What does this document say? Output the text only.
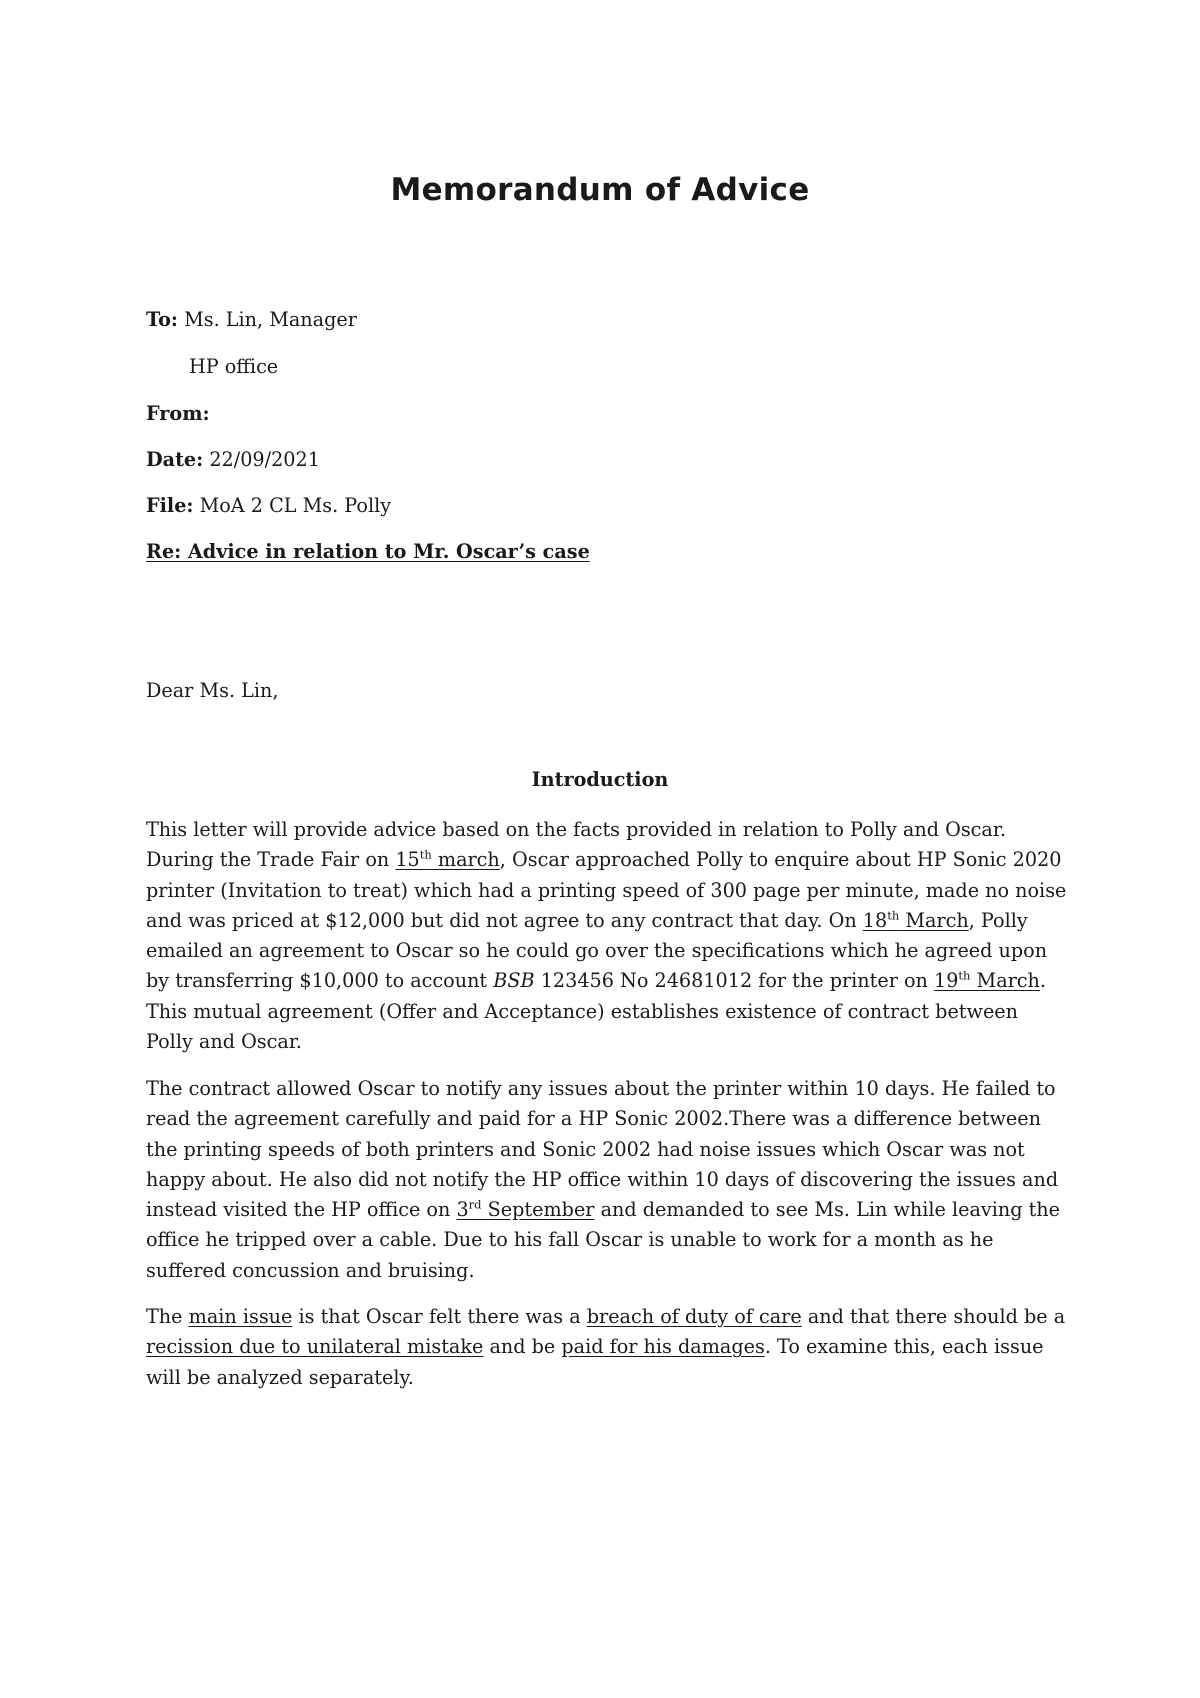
Memorandum of Advice
To: Ms. Lin, Manager
HP office
From:
Date: 22/09/2021
File: MoA 2 CL Ms. Polly
Re: Advice in relation to Mr. Oscar’s case
Dear Ms. Lin,
Introduction
This letter will provide advice based on the facts provided in relation to Polly and Oscar.
During the Trade Fair on 15th march, Oscar approached Polly to enquire about HP Sonic 2020
printer (Invitation to treat) which had a printing speed of 300 page per minute, made no noise
and was priced at $12,000 but did not agree to any contract that day. On 18th March, Polly
emailed an agreement to Oscar so he could go over the specifications which he agreed upon
by transferring $10,000 to account BSB 123456 No 24681012 for the printer on 19th March.
This mutual agreement (Offer and Acceptance) establishes existence of contract between
Polly and Oscar.
The contract allowed Oscar to notify any issues about the printer within 10 days. He failed to
read the agreement carefully and paid for a HP Sonic 2002.There was a difference between
the printing speeds of both printers and Sonic 2002 had noise issues which Oscar was not
happy about. He also did not notify the HP office within 10 days of discovering the issues and
instead visited the HP office on 3rd September and demanded to see Ms. Lin while leaving the
office he tripped over a cable. Due to his fall Oscar is unable to work for a month as he
suffered concussion and bruising.
The main issue is that Oscar felt there was a breach of duty of care and that there should be a
recission due to unilateral mistake and be paid for his damages. To examine this, each issue
will be analyzed separately.
